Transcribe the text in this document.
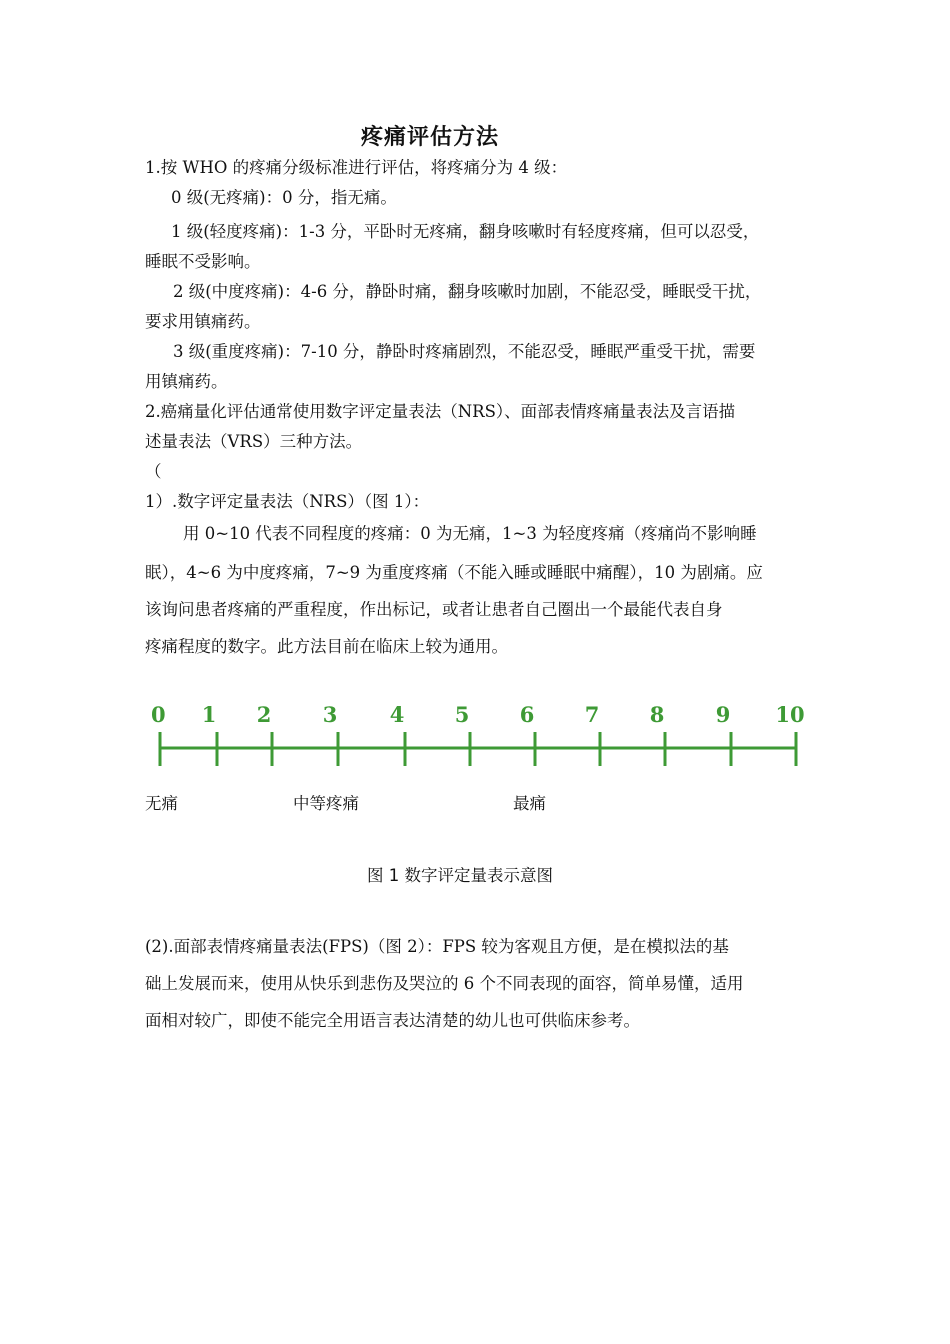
疼痛评估方法
1.按 WHO 的疼痛分级标准进行评估，将疼痛分为 4 级：
0 级(无疼痛)：0 分，指无痛。
1 级(轻度疼痛)：1-3 分，平卧时无疼痛，翻身咳嗽时有轻度疼痛，但可以忍受，
睡眠不受影响。
2 级(中度疼痛)：4-6 分，静卧时痛，翻身咳嗽时加剧，不能忍受，睡眠受干扰，
要求用镇痛药。
3 级(重度疼痛)：7-10 分，静卧时疼痛剧烈，不能忍受，睡眠严重受干扰，需要
用镇痛药。
2.癌痛量化评估通常使用数字评定量表法（NRS）、面部表情疼痛量表法及言语描
述量表法（VRS）三种方法。
（
1）.数字评定量表法（NRS）（图 1）：
用 0~10 代表不同程度的疼痛：0 为无痛，1~3 为轻度疼痛（疼痛尚不影响睡
眠），4~6 为中度疼痛，7~9 为重度疼痛（不能入睡或睡眠中痛醒），10 为剧痛。应
该询问患者疼痛的严重程度，作出标记，或者让患者自己圈出一个最能代表自身
疼痛程度的数字。此方法目前在临床上较为通用。
0 1 2 3 4 5 6 7 8 9 10
无痛	中等疼痛	最痛
图 1 数字评定量表示意图
(2).面部表情疼痛量表法(FPS)（图 2）：FPS 较为客观且方便，是在模拟法的基
础上发展而来，使用从快乐到悲伤及哭泣的 6 个不同表现的面容，简单易懂，适用
面相对较广，即使不能完全用语言表达清楚的幼儿也可供临床参考。
